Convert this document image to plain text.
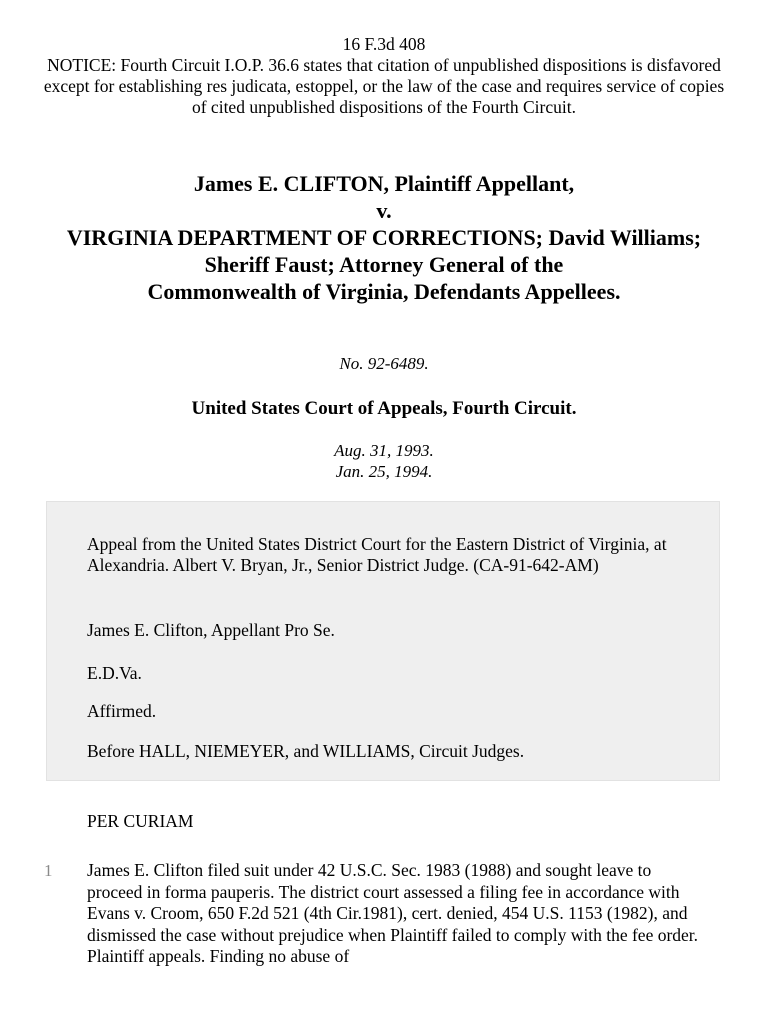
16 F.3d 408
NOTICE: Fourth Circuit I.O.P. 36.6 states that citation of unpublished dispositions is disfavored except for establishing res judicata, estoppel, or the law of the case and requires service of copies of cited unpublished dispositions of the Fourth Circuit.
James E. CLIFTON, Plaintiff Appellant,
v.
VIRGINIA DEPARTMENT OF CORRECTIONS; David Williams;
Sheriff Faust; Attorney General of the
Commonwealth of Virginia, Defendants Appellees.
No. 92-6489.
United States Court of Appeals, Fourth Circuit.
Aug. 31, 1993.
Jan. 25, 1994.

Appeal from the United States District Court for the Eastern District of Virginia, at Alexandria. Albert V. Bryan, Jr., Senior District Judge. (CA-91-642-AM)

James E. Clifton, Appellant Pro Se.

E.D.Va.

Affirmed.

Before HALL, NIEMEYER, and WILLIAMS, Circuit Judges.

PER CURIAM
1 James E. Clifton filed suit under 42 U.S.C. Sec. 1983 (1988) and sought leave to proceed in forma pauperis. The district court assessed a filing fee in accordance with Evans v. Croom, 650 F.2d 521 (4th Cir.1981), cert. denied, 454 U.S. 1153 (1982), and dismissed the case without prejudice when Plaintiff failed to comply with the fee order. Plaintiff appeals. Finding no abuse of
